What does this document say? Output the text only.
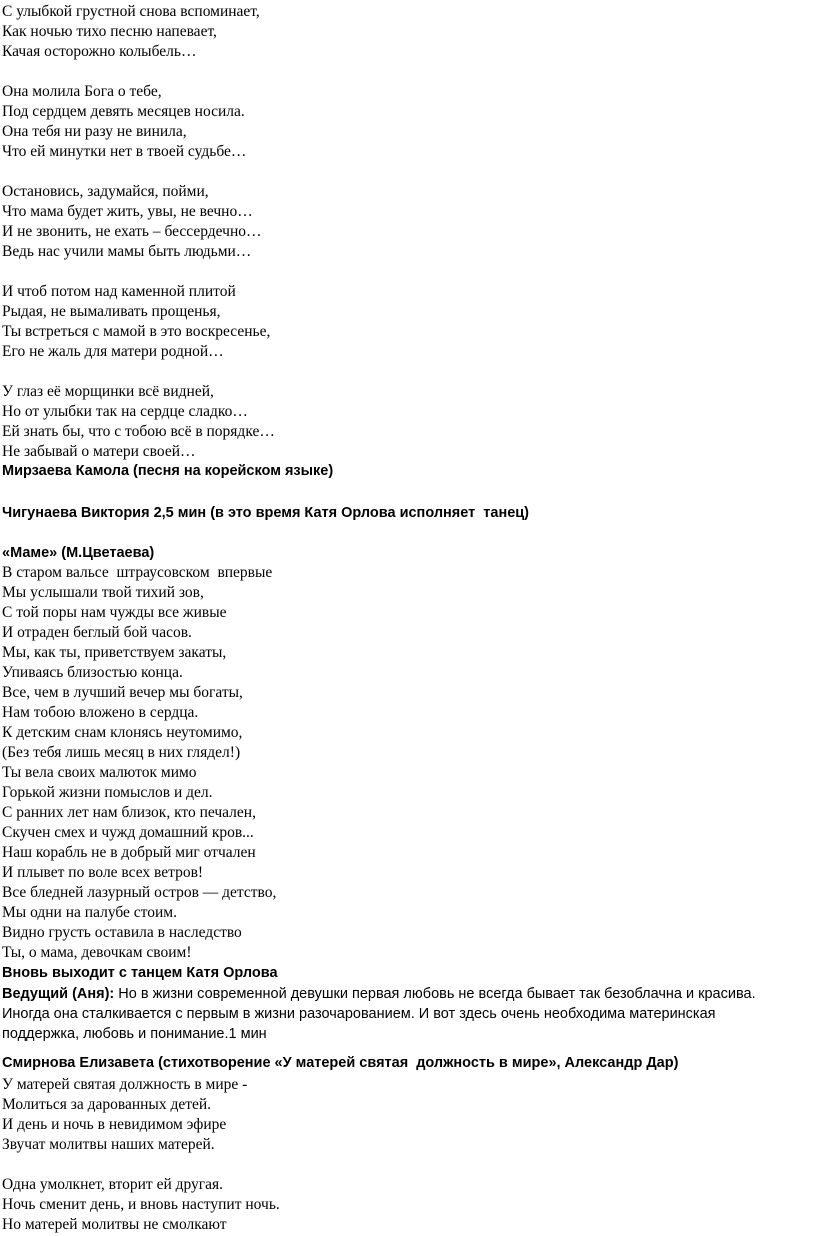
С улыбкой грустной снова вспоминает,
Как ночью тихо песню напевает,
Качая осторожно колыбель…
Она молила Бога о тебе,
Под сердцем девять месяцев носила.
Она тебя ни разу не винила,
Что ей минутки нет в твоей судьбе…
Остановись, задумайся, пойми,
Что мама будет жить, увы, не вечно…
И не звонить, не ехать – бессердечно…
Ведь нас учили мамы быть людьми…
И чтоб потом над каменной плитой
Рыдая, не вымаливать прощенья,
Ты встреться с мамой в это воскресенье,
Его не жаль для матери родной…
У глаз её морщинки всё видней,
Но от улыбки так на сердце сладко…
Ей знать бы, что с тобою всё в порядке…
Не забывай о матери своей…
Мирзаева Камола (песня на корейском языке)
Чигунаева Виктория 2,5 мин (в это время Катя Орлова исполняет  танец)
«Маме» (М.Цветаева)
В старом вальсе  штраусовском  впервые
Мы услышали твой тихий зов,
С той поры нам чужды все живые
И отраден беглый бой часов.
Мы, как ты, приветствуем закаты,
Упиваясь близостью конца.
Все, чем в лучший вечер мы богаты,
Нам тобою вложено в сердца.
К детским снам клонясь неутомимо,
(Без тебя лишь месяц в них глядел!)
Ты вела своих малюток мимо
Горькой жизни помыслов и дел.
С ранних лет нам близок, кто печален,
Скучен смех и чужд домашний кров...
Наш корабль не в добрый миг отчален
И плывет по воле всех ветров!
Все бледней лазурный остров — детство,
Мы одни на палубе стоим.
Видно грусть оставила в наследство
Ты, о мама, девочкам своим!
Вновь выходит с танцем Катя Орлова
Ведущий (Аня): Но в жизни современной девушки первая любовь не всегда бывает так безоблачна и красива. Иногда она сталкивается с первым в жизни разочарованием. И вот здесь очень необходима материнская поддержка, любовь и понимание.1 мин
Смирнова Елизавета (стихотворение «У матерей святая  должность в мире», Александр Дар)
У матерей святая должность в мире -
Молиться за дарованных детей.
И день и ночь в невидимом эфире
Звучат молитвы наших матерей.
Одна умолкнет, вторит ей другая.
Ночь сменит день, и вновь наступит ночь.
Но матерей молитвы не смолкают
